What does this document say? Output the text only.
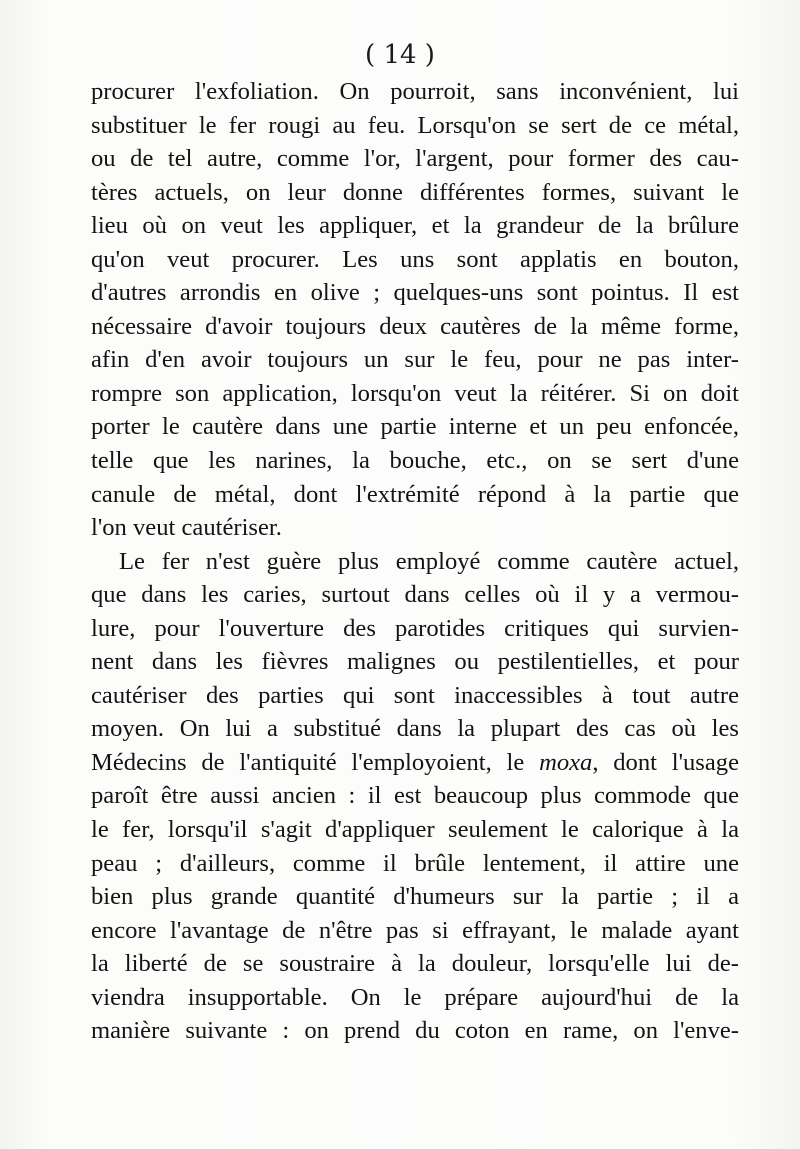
( 14 )
procurer l'exfoliation. On pourroit, sans inconvénient, lui
substituer le fer rougi au feu. Lorsqu'on se sert de ce métal,
ou de tel autre, comme l'or, l'argent, pour former des cau-
tères actuels, on leur donne différentes formes, suivant le
lieu où on veut les appliquer, et la grandeur de la brûlure
qu'on veut procurer. Les uns sont applatis en bouton,
d'autres arrondis en olive ; quelques-uns sont pointus. Il est
nécessaire d'avoir toujours deux cautères de la même forme,
afin d'en avoir toujours un sur le feu, pour ne pas inter-
rompre son application, lorsqu'on veut la réitérer. Si on doit
porter le cautère dans une partie interne et un peu enfoncée,
telle que les narines, la bouche, etc., on se sert d'une
canule de métal, dont l'extrémité répond à la partie que
l'on veut cautériser.
Le fer n'est guère plus employé comme cautère actuel,
que dans les caries, surtout dans celles où il y a vermou-
lure, pour l'ouverture des parotides critiques qui survien-
nent dans les fièvres malignes ou pestilentielles, et pour
cautériser des parties qui sont inaccessibles à tout autre
moyen. On lui a substitué dans la plupart des cas où les
Médecins de l'antiquité l'employoient, le moxa, dont l'usage
paroît être aussi ancien : il est beaucoup plus commode que
le fer, lorsqu'il s'agit d'appliquer seulement le calorique à la
peau ; d'ailleurs, comme il brûle lentement, il attire une
bien plus grande quantité d'humeurs sur la partie ; il a
encore l'avantage de n'être pas si effrayant, le malade ayant
la liberté de se soustraire à la douleur, lorsqu'elle lui de-
viendra insupportable. On le prépare aujourd'hui de la
manière suivante : on prend du coton en rame, on l'enve-
